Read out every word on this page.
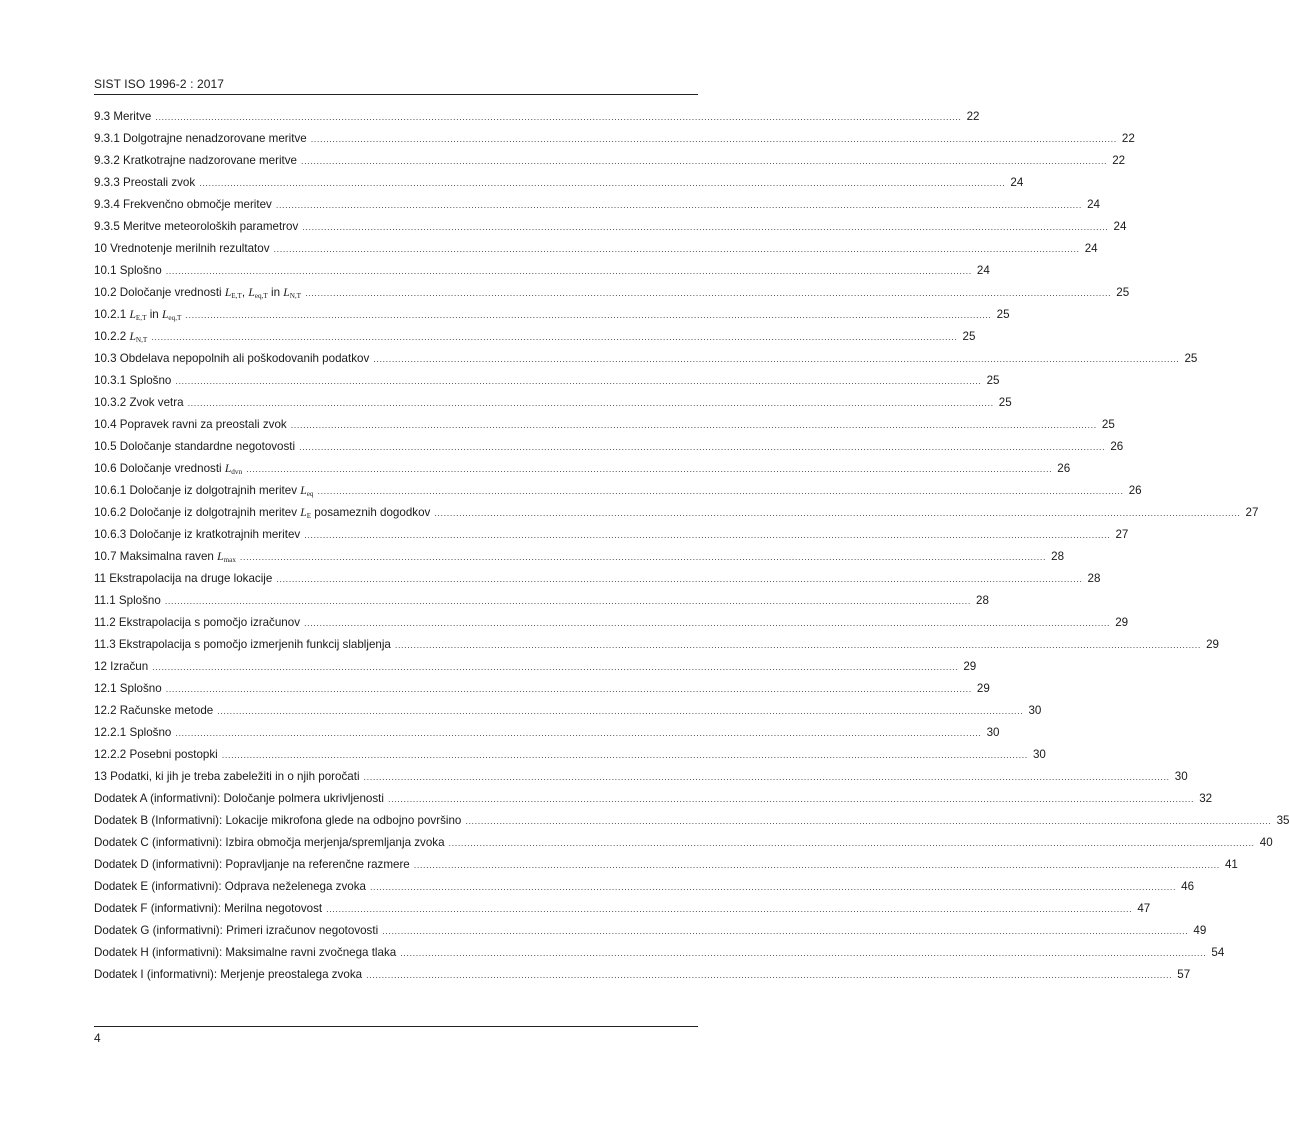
SIST ISO 1996-2 : 2017
9.3 Meritve .................................................................................................................................................................................................................................................................... 22
9.3.1 Dolgotrajne nenadzorovane meritve .................................................................................................................................................................................................................................................................... 22
9.3.2 Kratkotrajne nadzorovane meritve .................................................................................................................................................................................................................................................................... 22
9.3.3 Preostali zvok .................................................................................................................................................................................................................................................................... 24
9.3.4 Frekvenčno območje meritev .................................................................................................................................................................................................................................................................... 24
9.3.5 Meritve meteoroloških parametrov .................................................................................................................................................................................................................................................................... 24
10 Vrednotenje merilnih rezultatov .................................................................................................................................................................................................................................................................... 24
10.1 Splošno .................................................................................................................................................................................................................................................................... 24
10.2 Določanje vrednosti $L_{E,T}$, $L_{eq,T}$ in $L_{N,T}$ .................................................................................................................................................................................................................................................................... 25
10.2.1 $L_{E,T}$ in $L_{eq,T}$ .................................................................................................................................................................................................................................................................... 25
10.2.2 $L_{N,T}$ .................................................................................................................................................................................................................................................................... 25
10.3 Obdelava nepopolnih ali poškodovanih podatkov .................................................................................................................................................................................................................................................................... 25
10.3.1 Splošno .................................................................................................................................................................................................................................................................... 25
10.3.2 Zvok vetra .................................................................................................................................................................................................................................................................... 25
10.4 Popravek ravni za preostali zvok .................................................................................................................................................................................................................................................................... 25
10.5 Določanje standardne negotovosti .................................................................................................................................................................................................................................................................... 26
10.6 Določanje vrednosti $L_{dvn}$ .................................................................................................................................................................................................................................................................... 26
10.6.1 Določanje iz dolgotrajnih meritev $L_{eq}$ .................................................................................................................................................................................................................................................................... 26
10.6.2 Določanje iz dolgotrajnih meritev $L_E$ posameznih dogodkov .................................................................................................................................................................................................................................................................... 27
10.6.3 Določanje iz kratkotrajnih meritev .................................................................................................................................................................................................................................................................... 27
10.7 Maksimalna raven $L_{max}$ .................................................................................................................................................................................................................................................................... 28
11 Ekstrapolacija na druge lokacije .................................................................................................................................................................................................................................................................... 28
11.1 Splošno .................................................................................................................................................................................................................................................................... 28
11.2 Ekstrapolacija s pomočjo izračunov .................................................................................................................................................................................................................................................................... 29
11.3 Ekstrapolacija s pomočjo izmerjenih funkcij slabljenja .................................................................................................................................................................................................................................................................... 29
12 Izračun .................................................................................................................................................................................................................................................................... 29
12.1 Splošno .................................................................................................................................................................................................................................................................... 29
12.2 Računske metode .................................................................................................................................................................................................................................................................... 30
12.2.1 Splošno .................................................................................................................................................................................................................................................................... 30
12.2.2 Posebni postopki .................................................................................................................................................................................................................................................................... 30
13 Podatki, ki jih je treba zabeležiti in o njih poročati .................................................................................................................................................................................................................................................................... 30
Dodatek A (informativni): Določanje polmera ukrivljenosti .................................................................................................................................................................................................................................................................... 32
Dodatek B (Informativni): Lokacije mikrofona glede na odbojno površino .................................................................................................................................................................................................................................................................... 35
Dodatek C (informativni): Izbira območja merjenja/spremljanja zvoka .................................................................................................................................................................................................................................................................... 40
Dodatek D (informativni): Popravljanje na referenčne razmere .................................................................................................................................................................................................................................................................... 41
Dodatek E (informativni): Odprava neželenega zvoka .................................................................................................................................................................................................................................................................... 46
Dodatek F (informativni): Merilna negotovost .................................................................................................................................................................................................................................................................... 47
Dodatek G (informativni): Primeri izračunov negotovosti .................................................................................................................................................................................................................................................................... 49
Dodatek H (informativni): Maksimalne ravni zvočnega tlaka .................................................................................................................................................................................................................................................................... 54
Dodatek I (informativni): Merjenje preostalega zvoka .................................................................................................................................................................................................................................................................... 57
4
